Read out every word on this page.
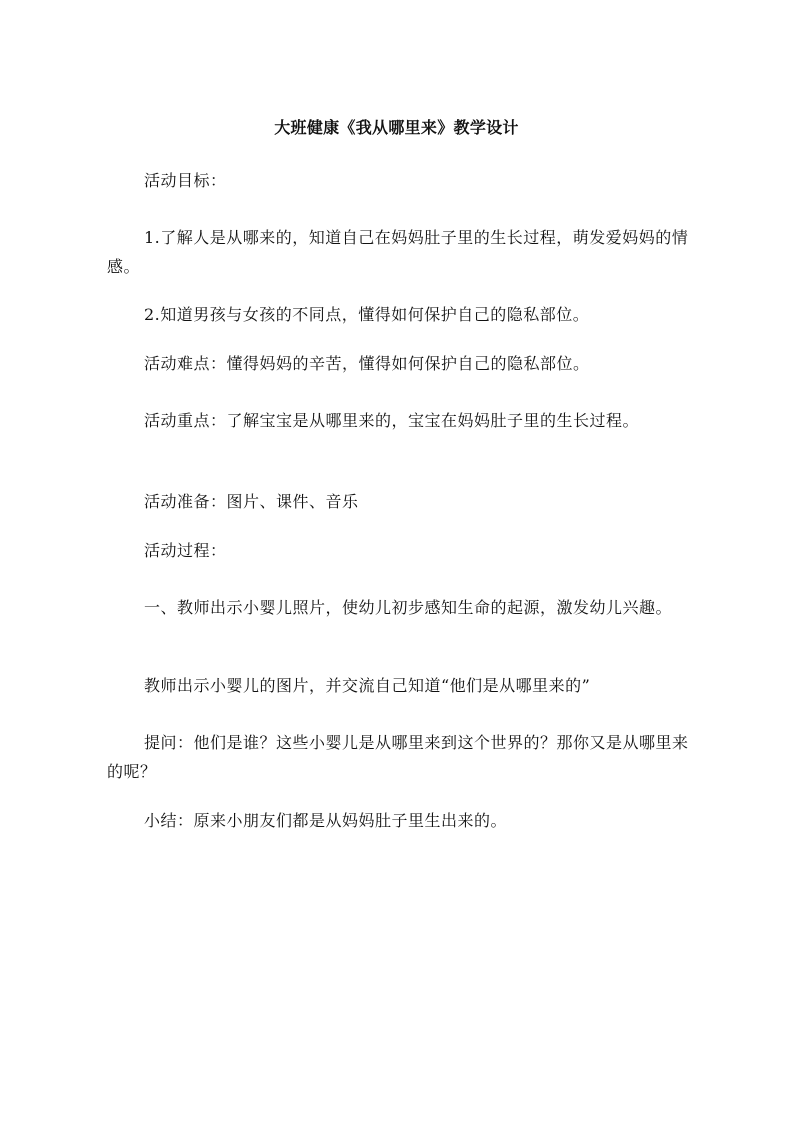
大班健康《我从哪里来》教学设计

活动目标：

1.了解人是从哪来的，知道自己在妈妈肚子里的生长过程，萌发爱妈妈的情感。

2.知道男孩与女孩的不同点，懂得如何保护自己的隐私部位。

活动难点：懂得妈妈的辛苦，懂得如何保护自己的隐私部位。

活动重点：了解宝宝是从哪里来的，宝宝在妈妈肚子里的生长过程。

活动准备：图片、课件、音乐

活动过程：

一、教师出示小婴儿照片，使幼儿初步感知生命的起源，激发幼儿兴趣。

教师出示小婴儿的图片，并交流自己知道“他们是从哪里来的”

提问：他们是谁？这些小婴儿是从哪里来到这个世界的？那你又是从哪里来的呢？

小结：原来小朋友们都是从妈妈肚子里生出来的。
